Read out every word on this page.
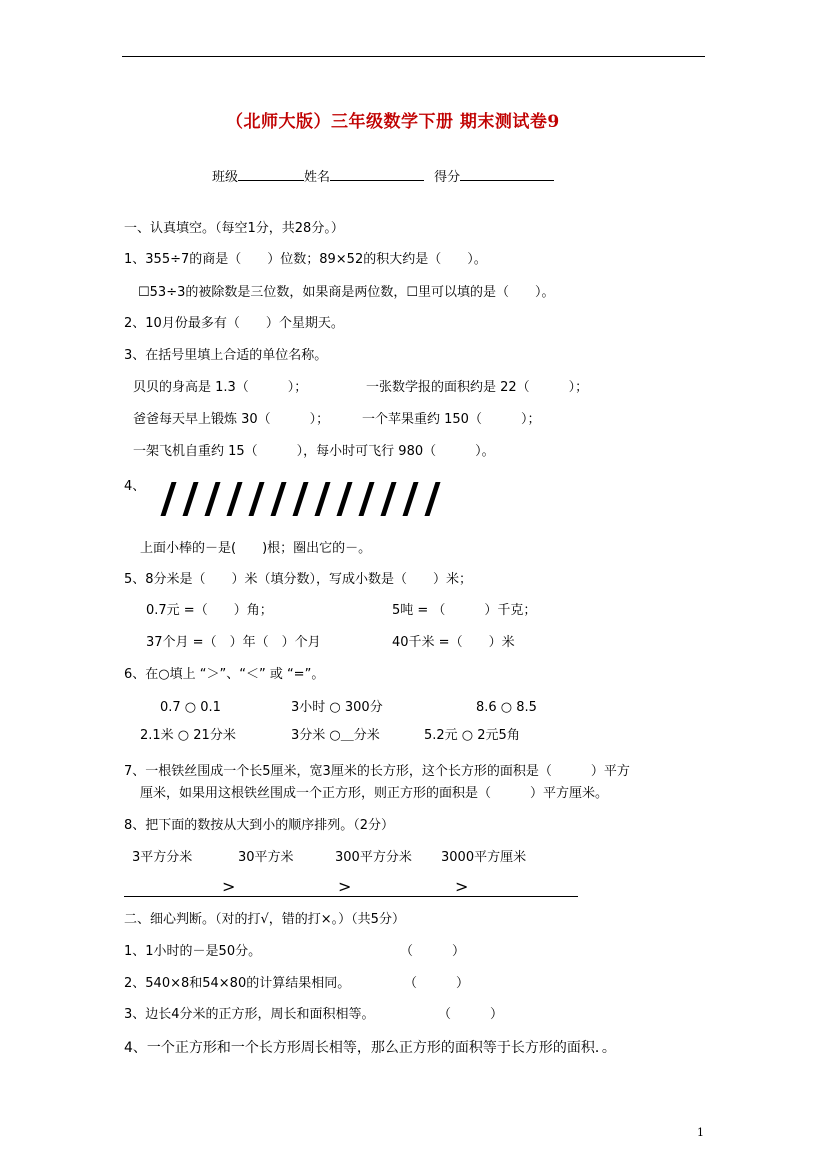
（北师大版）三年级数学下册 期末测试卷9
班级	姓名	得分
一、认真填空。（每空1分，共28分。）
1、355÷7的商是（　　）位数；89×52的积大约是（　　）。
☐53÷3的被除数是三位数，如果商是两位数，☐里可以填的是（　　）。
2、10月份最多有（　　）个星期天。
3、在括号里填上合适的单位名称。
贝贝的身高是 1.3（　　　）；	一张数学报的面积约是 22（　　　）；
爸爸每天早上锻炼 30（　　　）；	一个苹果重约 150（　　　）；
一架飞机自重约 15（　　　），每小时可飞行 980（　　　）。
4、
上面小棒的－是(　　)根；圈出它的－。
5、8分米是（　　）米（填分数），写成小数是（　　）米；
0.7元 =（　　）角；	5吨 = （　　　）千克；
37个月 =（　）年（　）个月	40千米 =（　　）米
6、在○填上 “＞”、“＜” 或 “=”。
0.7 ○ 0.1	3小时 ○ 300分	8.6 ○ 8.5
2.1米 ○ 21分米	3分米 ○＿分米	5.2元 ○ 2元5角
7、一根铁丝围成一个长5厘米，宽3厘米的长方形，这个长方形的面积是（　　　）平方
厘米，如果用这根铁丝围成一个正方形，则正方形的面积是（　　　）平方厘米。
8、把下面的数按从大到小的顺序排列。（2分）
3平方分米	30平方米	300平方分米 3000平方厘米
>	>	>
二、细心判断。（对的打√，错的打×。）（共5分）
1、1小时的－是50分。	（　　　）
2、540×8和54×80的计算结果相同。	（　　　）
3、边长4分米的正方形，周长和面积相等。	（　　　）
4、一个正方形和一个长方形周长相等，那么正方形的面积等于长方形的面积．。
1
